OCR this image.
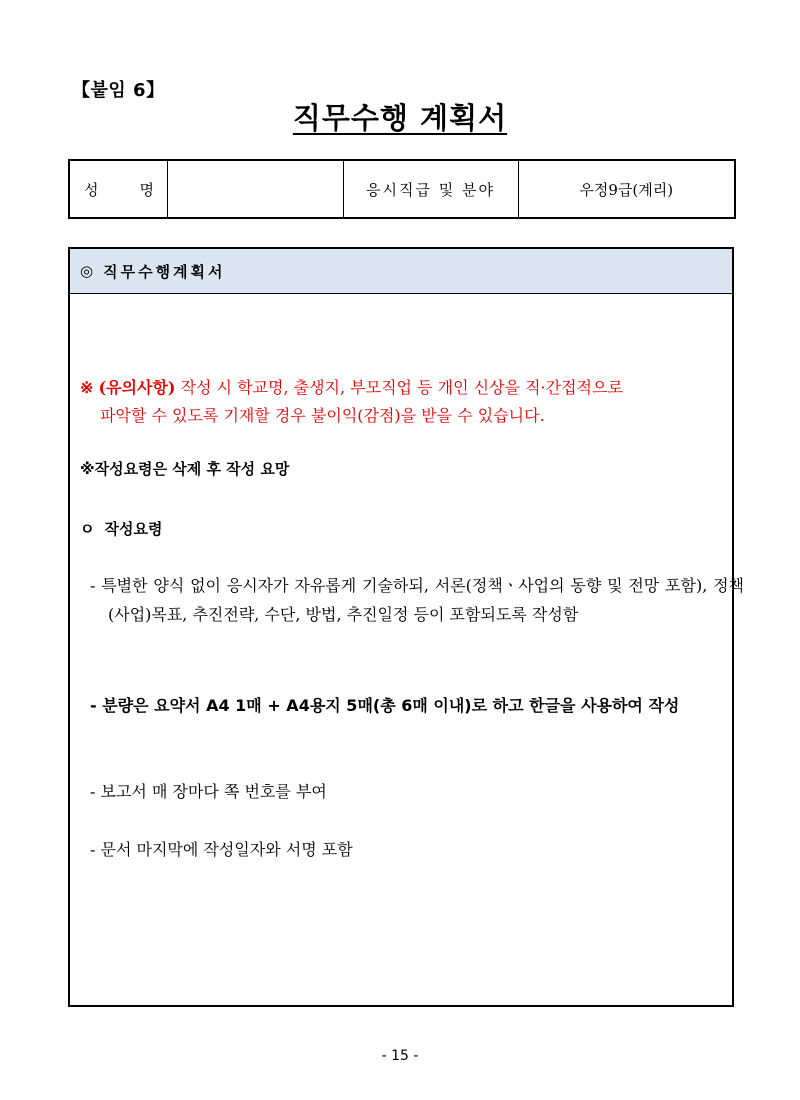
【붙임 6】
직무수행 계획서
성	명		응시직급 및 분야	우정9급(계리)
◎ 직무수행계획서
※ (유의사항) 작성 시 학교명, 출생지, 부모직업 등 개인 신상을 직·간접적으로
파악할 수 있도록 기재할 경우 불이익(감점)을 받을 수 있습니다.
※작성요령은 삭제 후 작성 요망
ㅇ 작성요령
- 특별한 양식 없이 응시자가 자유롭게 기술하되, 서론(정책ㆍ사업의 동향 및 전망 포함), 정책(사업)목표, 추진전략, 수단, 방법, 추진일정 등이 포함되도록 작성함
- 분량은 요약서 A4 1매 + A4용지 5매(총 6매 이내)로 하고 한글을 사용하여 작성
- 보고서 매 장마다 쪽 번호를 부여
- 문서 마지막에 작성일자와 서명 포함
- 15 -
